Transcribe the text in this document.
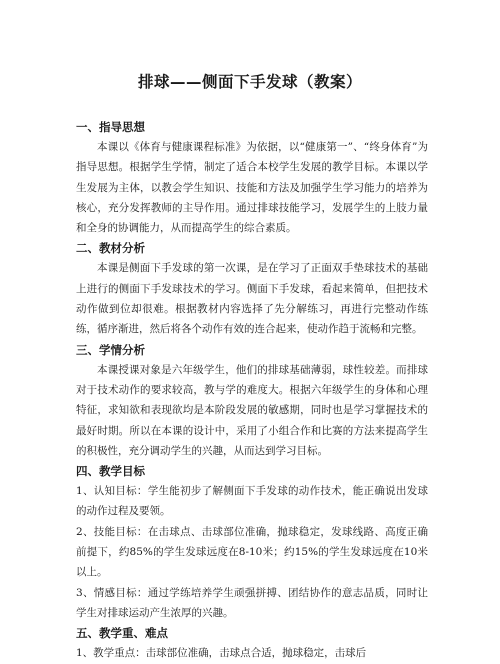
排球——侧面下手发球（教案）

一、指导思想

本课以《体育与健康课程标准》为依据，以“健康第一”、“终身体育”为指导思想。根据学生学情，制定了适合本校学生发展的教学目标。本课以学生发展为主体，以教会学生知识、技能和方法及加强学生学习能力的培养为核心，充分发挥教师的主导作用。通过排球技能学习，发展学生的上肢力量和全身的协调能力，从而提高学生的综合素质。

二、教材分析

本课是侧面下手发球的第一次课，是在学习了正面双手垫球技术的基础上进行的侧面下手发球技术的学习。侧面下手发球，看起来简单，但把技术动作做到位却很难。根据教材内容选择了先分解练习，再进行完整动作练练，循序渐进，然后将各个动作有效的连合起来，使动作趋于流畅和完整。

三、学情分析

本课授课对象是六年级学生，他们的排球基础薄弱，球性较差。而排球对于技术动作的要求较高，教与学的难度大。根据六年级学生的身体和心理特征，求知欲和表现欲均是本阶段发展的敏感期，同时也是学习掌握技术的最好时期。所以在本课的设计中，采用了小组合作和比赛的方法来提高学生的积极性，充分调动学生的兴趣，从而达到学习目标。

四、教学目标

1、认知目标：学生能初步了解侧面下手发球的动作技术，能正确说出发球的动作过程及要领。

2、技能目标：在击球点、击球部位准确，抛球稳定，发球线路、高度正确前提下，约85%的学生发球远度在8-10米；约15%的学生发球远度在10米以上。

3、情感目标：通过学练培养学生顽强拼搏、团结协作的意志品质，同时让学生对排球运动产生浓厚的兴趣。

五、教学重、难点

1、教学重点：击球部位准确，击球点合适，抛球稳定，击球后
